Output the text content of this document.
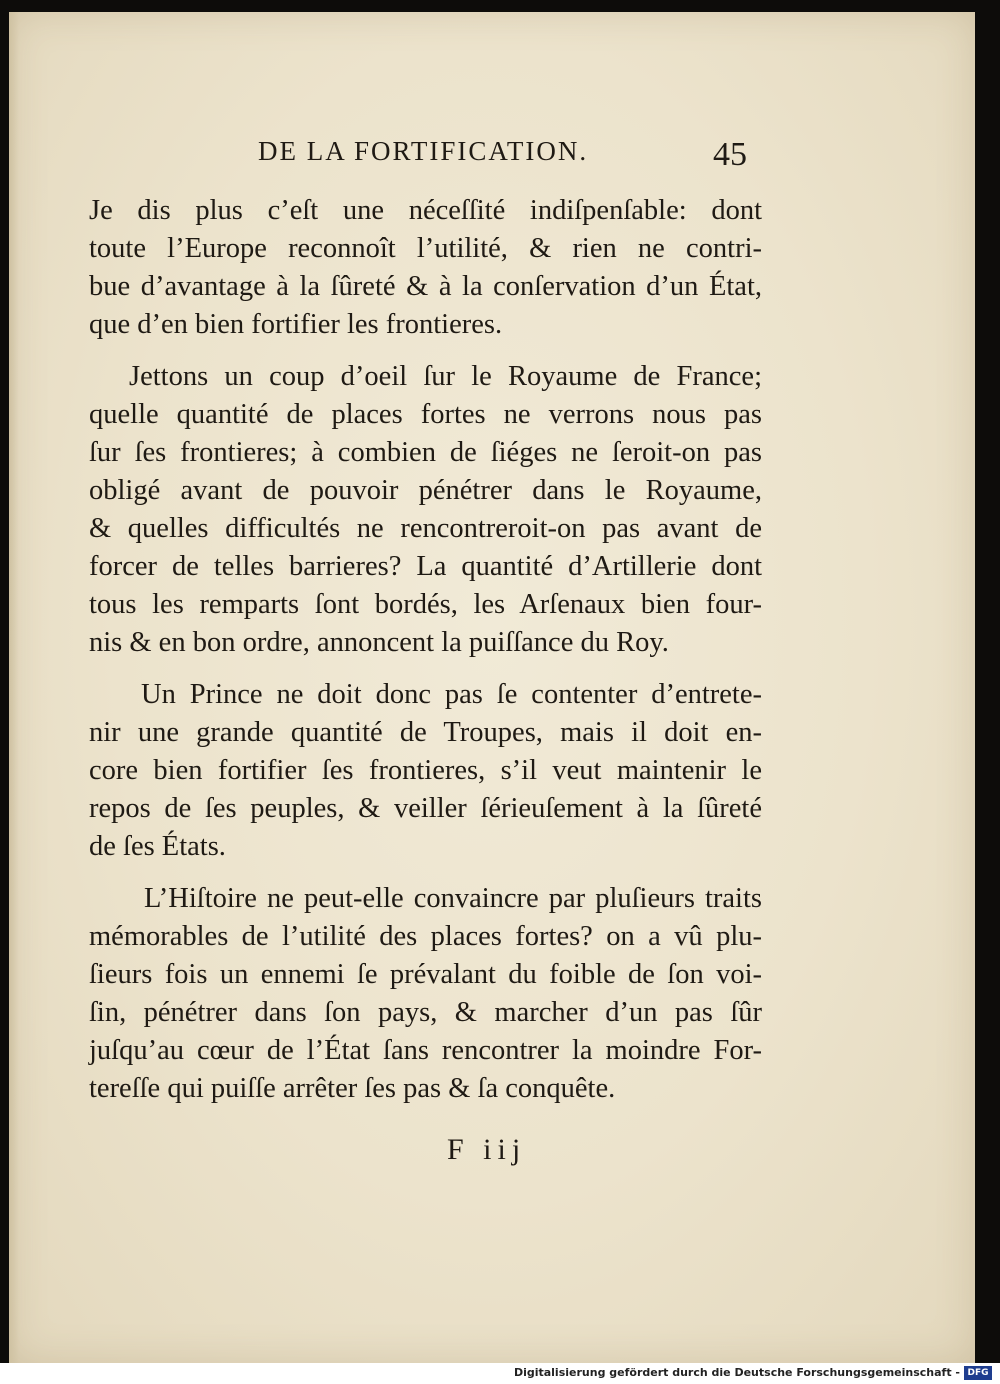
DE LA FORTIFICATION.	45
Je dis plus c’eſt une néceſſité indiſpenſable: dont
toute l’Europe reconnoît l’utilité, & rien ne contri-
bue d’avantage à la ſûreté & à la conſervation d’un État,
que d’en bien fortifier les frontieres.
Jettons un coup d’oeil ſur le Royaume de France;
quelle quantité de places fortes ne verrons nous pas
ſur ſes frontieres; à combien de ſiéges ne ſeroit-on pas
obligé avant de pouvoir pénétrer dans le Royaume,
& quelles difficultés ne rencontreroit-on pas avant de
forcer de telles barrieres? La quantité d’Artillerie dont
tous les remparts ſont bordés, les Arſenaux bien four-
nis & en bon ordre, annoncent la puiſſance du Roy.
Un Prince ne doit donc pas ſe contenter d’entrete-
nir une grande quantité de Troupes, mais il doit en-
core bien fortifier ſes frontieres, s’il veut maintenir le
repos de ſes peuples, & veiller ſérieuſement à la ſûreté
de ſes États.
L’Hiſtoire ne peut-elle convaincre par pluſieurs traits
mémorables de l’utilité des places fortes? on a vû plu-
ſieurs fois un ennemi ſe prévalant du foible de ſon voi-
ſin, pénétrer dans ſon pays, & marcher d’un pas ſûr
juſqu’au cœur de l’État ſans rencontrer la moindre For-
tereſſe qui puiſſe arrêter ſes pas & ſa conquête.
F iij
Digitalisierung gefördert durch die Deutsche Forschungsgemeinschaft - DFG
